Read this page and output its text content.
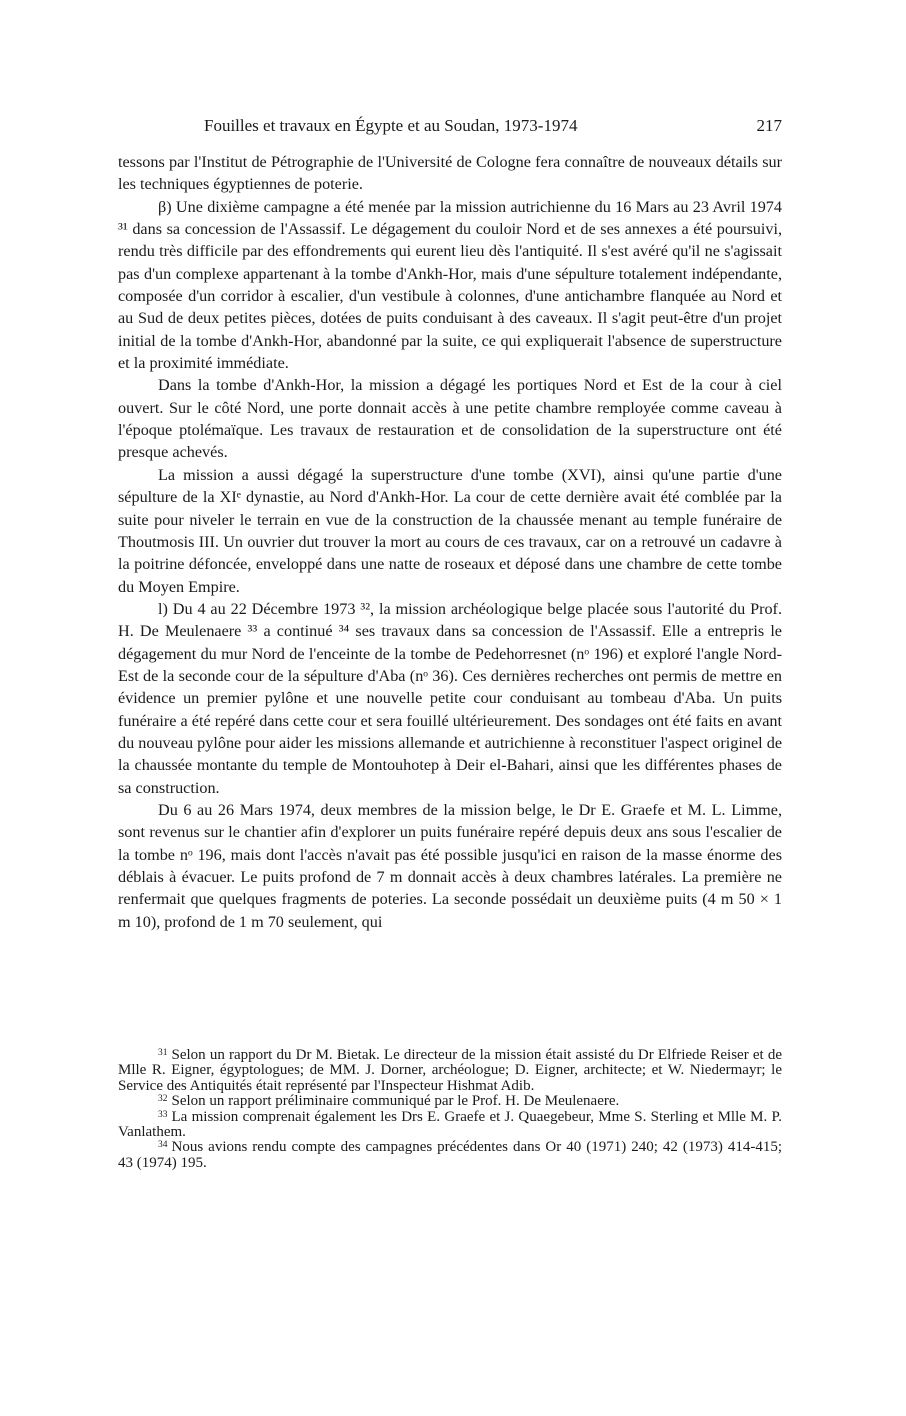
Fouilles et travaux en Égypte et au Soudan, 1973-1974	217

tessons par l'Institut de Pétrographie de l'Université de Cologne fera connaître de nouveaux détails sur les techniques égyptiennes de poterie.

β) Une dixième campagne a été menée par la mission autrichienne du 16 Mars au 23 Avril 1974 ³¹ dans sa concession de l'Assassif. Le dégagement du couloir Nord et de ses annexes a été poursuivi, rendu très difficile par des effondrements qui eurent lieu dès l'antiquité. Il s'est avéré qu'il ne s'agissait pas d'un complexe appartenant à la tombe d'Ankh-Hor, mais d'une sépulture totalement indépendante, composée d'un corridor à escalier, d'un vestibule à colonnes, d'une antichambre flanquée au Nord et au Sud de deux petites pièces, dotées de puits conduisant à des caveaux. Il s'agit peut-être d'un projet initial de la tombe d'Ankh-Hor, abandonné par la suite, ce qui expliquerait l'absence de superstructure et la proximité immédiate.

Dans la tombe d'Ankh-Hor, la mission a dégagé les portiques Nord et Est de la cour à ciel ouvert. Sur le côté Nord, une porte donnait accès à une petite chambre remployée comme caveau à l'époque ptolémaïque. Les travaux de restauration et de consolidation de la superstructure ont été presque achevés.

La mission a aussi dégagé la superstructure d'une tombe (XVI), ainsi qu'une partie d'une sépulture de la XIᵉ dynastie, au Nord d'Ankh-Hor. La cour de cette dernière avait été comblée par la suite pour niveler le terrain en vue de la construction de la chaussée menant au temple funéraire de Thoutmosis III. Un ouvrier dut trouver la mort au cours de ces travaux, car on a retrouvé un cadavre à la poitrine défoncée, enveloppé dans une natte de roseaux et déposé dans une chambre de cette tombe du Moyen Empire.

l) Du 4 au 22 Décembre 1973 ³², la mission archéologique belge placée sous l'autorité du Prof. H. De Meulenaere ³³ a continué ³⁴ ses travaux dans sa concession de l'Assassif. Elle a entrepris le dégagement du mur Nord de l'enceinte de la tombe de Pedehorresnet (nᵒ 196) et exploré l'angle Nord-Est de la seconde cour de la sépulture d'Aba (nᵒ 36). Ces dernières recherches ont permis de mettre en évidence un premier pylône et une nouvelle petite cour conduisant au tombeau d'Aba. Un puits funéraire a été repéré dans cette cour et sera fouillé ultérieurement. Des sondages ont été faits en avant du nouveau pylône pour aider les missions allemande et autrichienne à reconstituer l'aspect originel de la chaussée montante du temple de Montouhotep à Deir el-Bahari, ainsi que les différentes phases de sa construction.

Du 6 au 26 Mars 1974, deux membres de la mission belge, le Dr E. Graefe et M. L. Limme, sont revenus sur le chantier afin d'explorer un puits funéraire repéré depuis deux ans sous l'escalier de la tombe nᵒ 196, mais dont l'accès n'avait pas été possible jusqu'ici en raison de la masse énorme des déblais à évacuer. Le puits profond de 7 m donnait accès à deux chambres latérales. La première ne renfermait que quelques fragments de poteries. La seconde possédait un deuxième puits (4 m 50 × 1 m 10), profond de 1 m 70 seulement, qui

$^{31}$ Selon un rapport du Dr M. Bietak. Le directeur de la mission était assisté du Dr Elfriede Reiser et de Mlle R. Eigner, égyptologues; de MM. J. Dorner, archéologue; D. Eigner, architecte; et W. Niedermayr; le Service des Antiquités était représenté par l'Inspecteur Hishmat Adib.

$^{32}$ Selon un rapport préliminaire communiqué par le Prof. H. De Meulenaere.

$^{33}$ La mission comprenait également les Drs E. Graefe et J. Quaegebeur, Mme S. Sterling et Mlle M. P. Vanlathem.

$^{34}$ Nous avions rendu compte des campagnes précédentes dans Or 40 (1971) 240; 42 (1973) 414-415; 43 (1974) 195.
